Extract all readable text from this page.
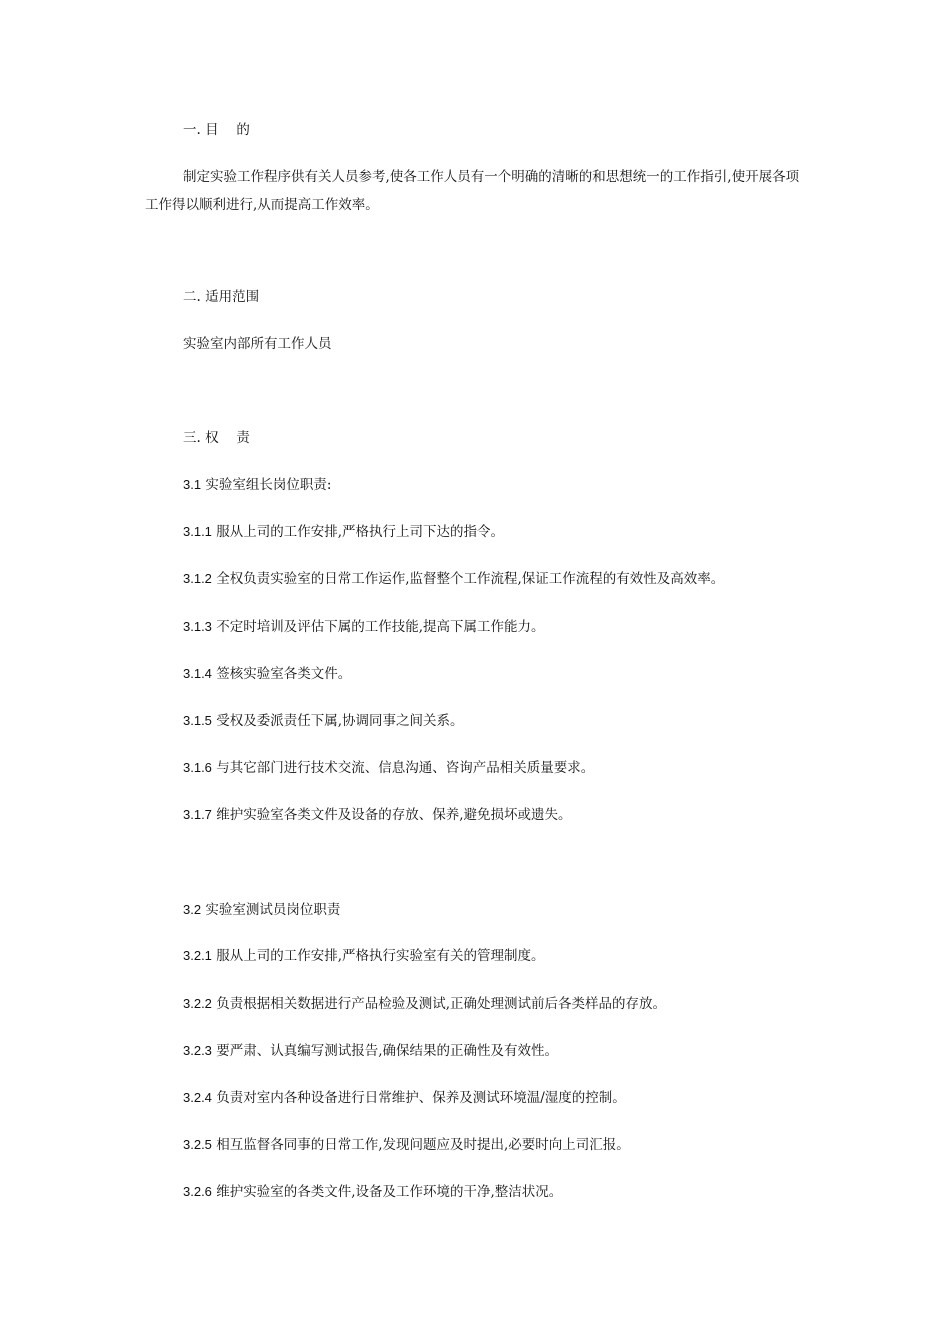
一. 目　 的
制定实验工作程序供有关人员参考,使各工作人员有一个明确的清晰的和思想统一的工作指引,使开展各项工作得以顺利进行,从而提高工作效率。
二. 适用范围
实验室内部所有工作人员
三. 权　 责
3.1 实验室组长岗位职责:
3.1.1 服从上司的工作安排,严格执行上司下达的指令。
3.1.2 全权负责实验室的日常工作运作,监督整个工作流程,保证工作流程的有效性及高效率。
3.1.3 不定时培训及评估下属的工作技能,提高下属工作能力。
3.1.4 签核实验室各类文件。
3.1.5 受权及委派责任下属,协调同事之间关系。
3.1.6 与其它部门进行技术交流、信息沟通、咨询产品相关质量要求。
3.1.7 维护实验室各类文件及设备的存放、保养,避免损坏或遗失。
3.2 实验室测试员岗位职责
3.2.1 服从上司的工作安排,严格执行实验室有关的管理制度。
3.2.2 负责根据相关数据进行产品检验及测试,正确处理测试前后各类样品的存放。
3.2.3 要严肃、认真编写测试报告,确保结果的正确性及有效性。
3.2.4 负责对室内各种设备进行日常维护、保养及测试环境温/湿度的控制。
3.2.5 相互监督各同事的日常工作,发现问题应及时提出,必要时向上司汇报。
3.2.6 维护实验室的各类文件,设备及工作环境的干净,整洁状况。
